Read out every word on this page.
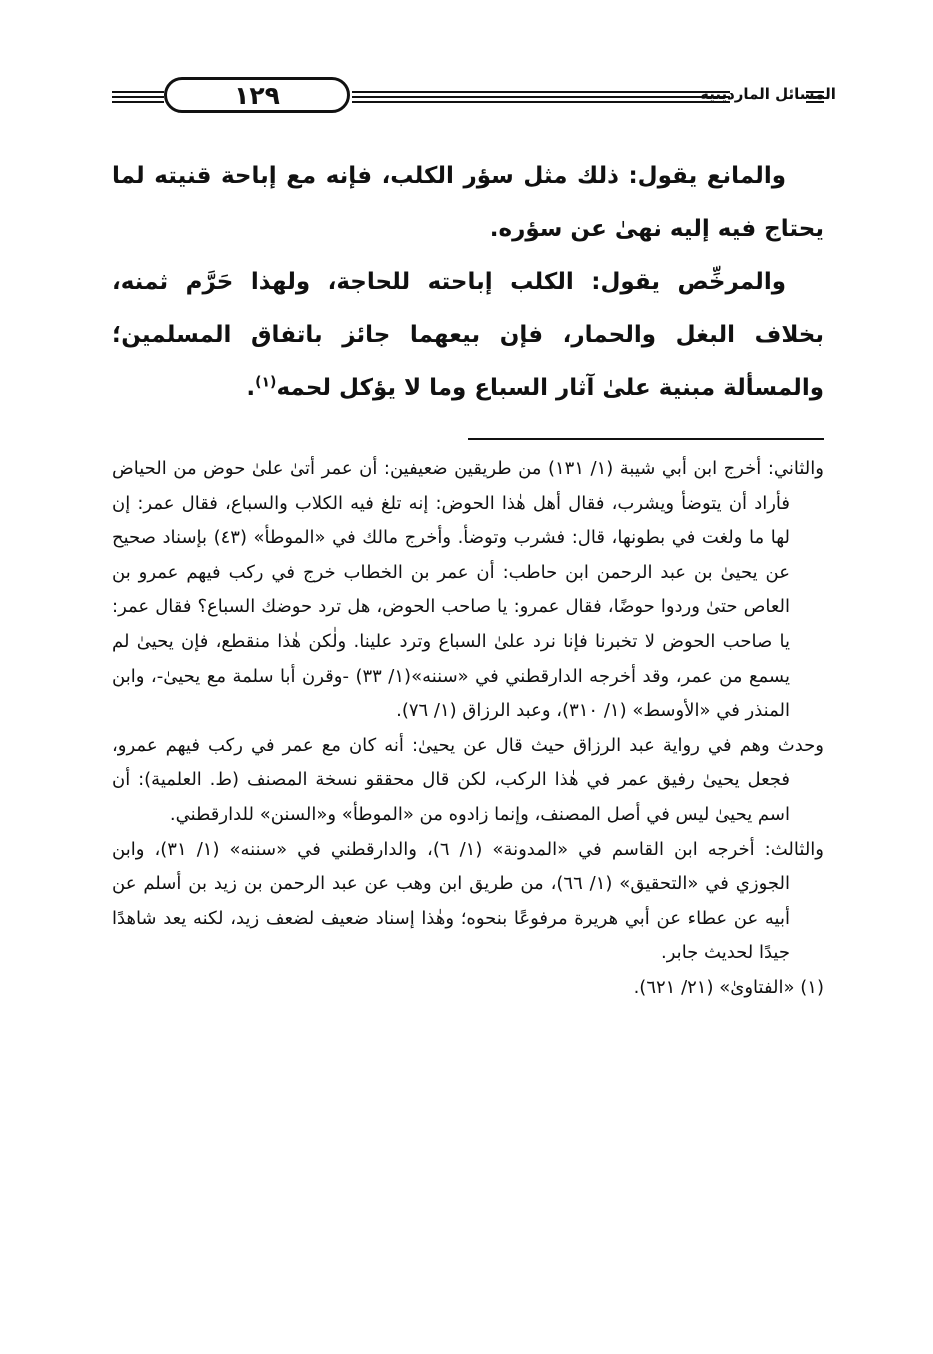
١٢٩	المسائل الماردينية

والمانع يقول: ذلك مثل سؤر الكلب، فإنه مع إباحة قنيته لما يحتاج فيه إليه نهىٰ عن سؤره.

والمرخِّص يقول: الكلب إباحته للحاجة، ولهذا حَرَّم ثمنه، بخلاف البغل والحمار، فإن بيعهما جائز باتفاق المسلمين؛ والمسألة مبنية علىٰ آثار السباع وما لا يؤكل لحمه$^{(١)}$.

والثاني: أخرج ابن أبي شيبة (١/ ١٣١) من طريقين ضعيفين: أن عمر أتىٰ علىٰ حوض من الحياض فأراد أن يتوضأ ويشرب، فقال أهل هٰذا الحوض: إنه تلغ فيه الكلاب والسباع، فقال عمر: إن لها ما ولغت في بطونها، قال: فشرب وتوضأ. وأخرج مالك في «الموطأ» (٤٣) بإسناد صحيح عن يحيىٰ بن عبد الرحمن ابن حاطب: أن عمر بن الخطاب خرج في ركب فيهم عمرو بن العاص حتىٰ وردوا حوضًا، فقال عمرو: يا صاحب الحوض، هل ترد حوضك السباع؟ فقال عمر: يا صاحب الحوض لا تخبرنا فإنا نرد علىٰ السباع وترد علينا. ولٰكن هٰذا منقطع، فإن يحيىٰ لم يسمع من عمر، وقد أخرجه الدارقطني في «سننه»(١/ ٣٣) -وقرن أبا سلمة مع يحيىٰ-، وابن المنذر في «الأوسط» (١/ ٣١٠)، وعبد الرزاق (١/ ٧٦).

وحدث وهم في رواية عبد الرزاق حيث قال عن يحيىٰ: أنه كان مع عمر في ركب فيهم عمرو، فجعل يحيىٰ رفيق عمر في هٰذا الركب، لكن قال محققو نسخة المصنف (ط. العلمية): أن اسم يحيىٰ ليس في أصل المصنف، وإنما زادوه من «الموطأ» و«السنن» للدارقطني.

والثالث: أخرجه ابن القاسم في «المدونة» (١/ ٦)، والدارقطني في «سننه» (١/ ٣١)، وابن الجوزي في «التحقيق» (١/ ٦٦)، من طريق ابن وهب عن عبد الرحمن بن زيد بن أسلم عن أبيه عن عطاء عن أبي هريرة مرفوعًا بنحوه؛ وهٰذا إسناد ضعيف لضعف زيد، لكنه يعد شاهدًا جيدًا لحديث جابر.

(١) «الفتاوىٰ» (٢١/ ٦٢١).
